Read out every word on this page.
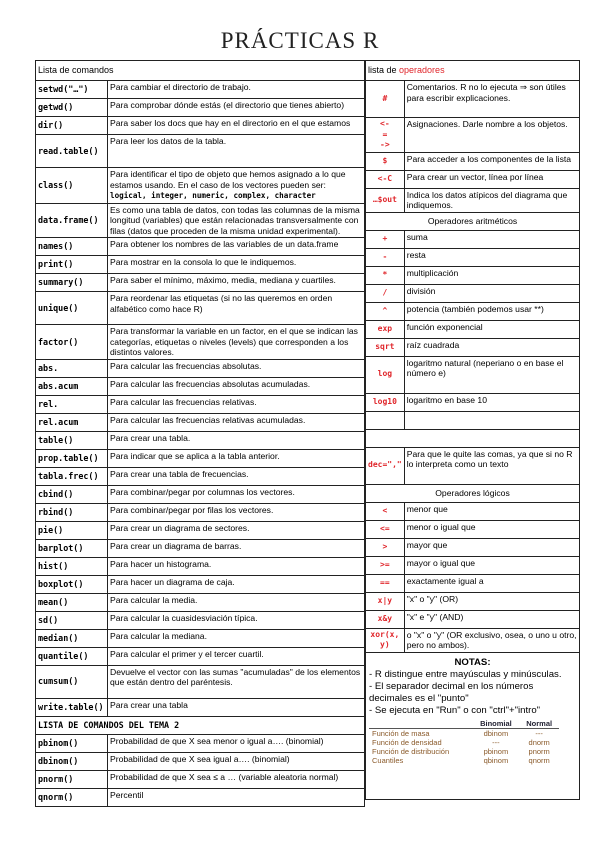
PRÁCTICAS R
Lista de comandos	
setwd("…")	Para cambiar el directorio de trabajo.
getwd()	Para comprobar dónde estás (el directorio que tienes abierto)
dir()	Para saber los docs que hay en el directorio en el que estamos
read.table()	Para leer los datos de la tabla.
class()	Para identificar el tipo de objeto que hemos asignado a lo que estamos usando. En el caso de los vectores pueden ser:
logical, integer, numeric, complex, character
data.frame()	Es como una tabla de datos, con todas las columnas de la misma longitud (variables) que están relacionadas transversalmente con filas (datos que proceden de la misma unidad experimental).
names()	Para obtener los nombres de las variables de un data.frame
print()	Para mostrar en la consola lo que le indiquemos.
summary()	Para saber el mínimo, máximo, media, mediana y cuartiles.
unique()	Para reordenar las etiquetas (si no las queremos en orden alfabético como hace R)
factor()	Para transformar la variable en un factor, en el que se indican las categorías, etiquetas o niveles (levels) que corresponden a los distintos valores.
abs.	Para calcular las frecuencias absolutas.
abs.acum	Para calcular las frecuencias absolutas acumuladas.
rel.	Para calcular las frecuencias relativas.
rel.acum	Para calcular las frecuencias relativas acumuladas.
table()	Para crear una tabla.
prop.table()	Para indicar que se aplica a la tabla anterior.
tabla.frec()	Para crear una tabla de frecuencias.
cbind()	Para combinar/pegar por columnas los vectores.
rbind()	Para combinar/pegar por filas los vectores.
pie()	Para crear un diagrama de sectores.
barplot()	Para crear un diagrama de barras.
hist()	Para hacer un histograma.
boxplot()	Para hacer un diagrama de caja.
mean()	Para calcular la media.
sd()	Para calcular la cuasidesviación típica.
median()	Para calcular la mediana.
quantile()	Para calcular el primer y el tercer cuartil.
cumsum()	Devuelve el vector con las sumas "acumuladas" de los elementos que están dentro del paréntesis.
write.table()	Para crear una tabla
LISTA DE COMANDOS DEL TEMA 2	
pbinom()	Probabilidad de que X sea menor o igual a…. (binomial)
dbinom()	Probabilidad de que X sea igual a…. (binomial)
pnorm()	Probabilidad de que X sea ≤ a … (variable aleatoria normal)
qnorm()	Percentil
lista de operadores
#	Comentarios. R no lo ejecuta ⇒ son útiles para escribir explicaciones.
<-
=
->	Asignaciones. Darle nombre a los objetos.
$	Para acceder a los componentes de la lista
<-C	Para crear un vector, línea por línea
…$out	Indica los datos atípicos del diagrama que indiquemos.
Operadores aritméticos
+	suma
-	resta
*	multiplicación
/	división
^	potencia (también podemos usar **)
exp	función exponencial
sqrt	raíz cuadrada
log	logaritmo natural (neperiano o en base el número e)
log10	logaritmo en base 10

dec=","	Para que le quite las comas, ya que si no R lo interpreta como un texto
Operadores lógicos
<	menor que
<=	menor o igual que
>	mayor que
>=	mayor o igual que
==	exactamente igual a
x|y	"x" o "y" (OR)
x&y	"x" e "y" (AND)
xor(x, y)	o "x" o "y" (OR exclusivo, osea, o uno u otro, pero no ambos).

NOTAS:
- R distingue entre mayúsculas y minúsculas.
- El separador decimal en los números decimales es el "punto"
- Se ejecuta en "Run" o con "ctrl"+"intro"
	Binomial	Normal
Función de masa	dbinom	---
Función de densidad	---	dnorm
Función de distribución	pbinom	pnorm
Cuantiles	qbinom	qnorm
